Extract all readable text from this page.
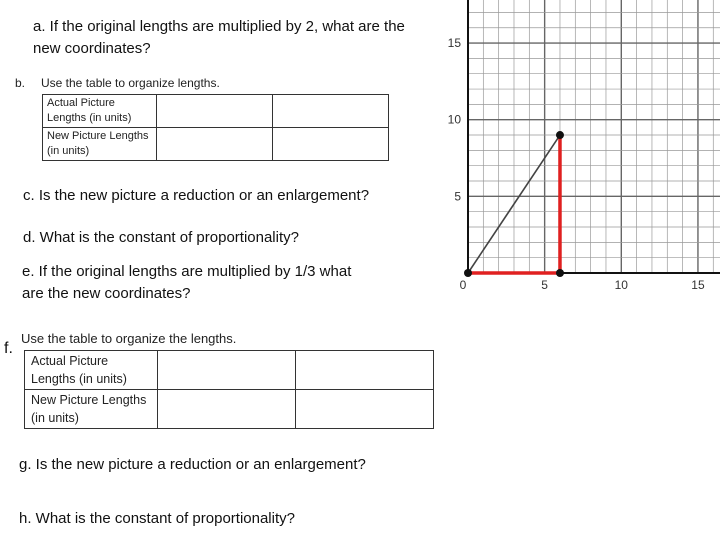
a. If the original lengths are multiplied by 2, what are the new coordinates?

b. Use the table to organize lengths.

Actual Picture Lengths (in units)		
New Picture Lengths (in units)		

c. Is the new picture a reduction or an enlargement?

d. What is the constant of proportionality?

e. If the original lengths are multiplied by 1/3 what are the new coordinates?

f.

Use the table to organize the lengths.

Actual Picture Lengths (in units)		
New Picture Lengths (in units)		

g. Is the new picture a reduction or an enlargement?

h. What is the constant of proportionality?

5
10
15
0	5	10	15
